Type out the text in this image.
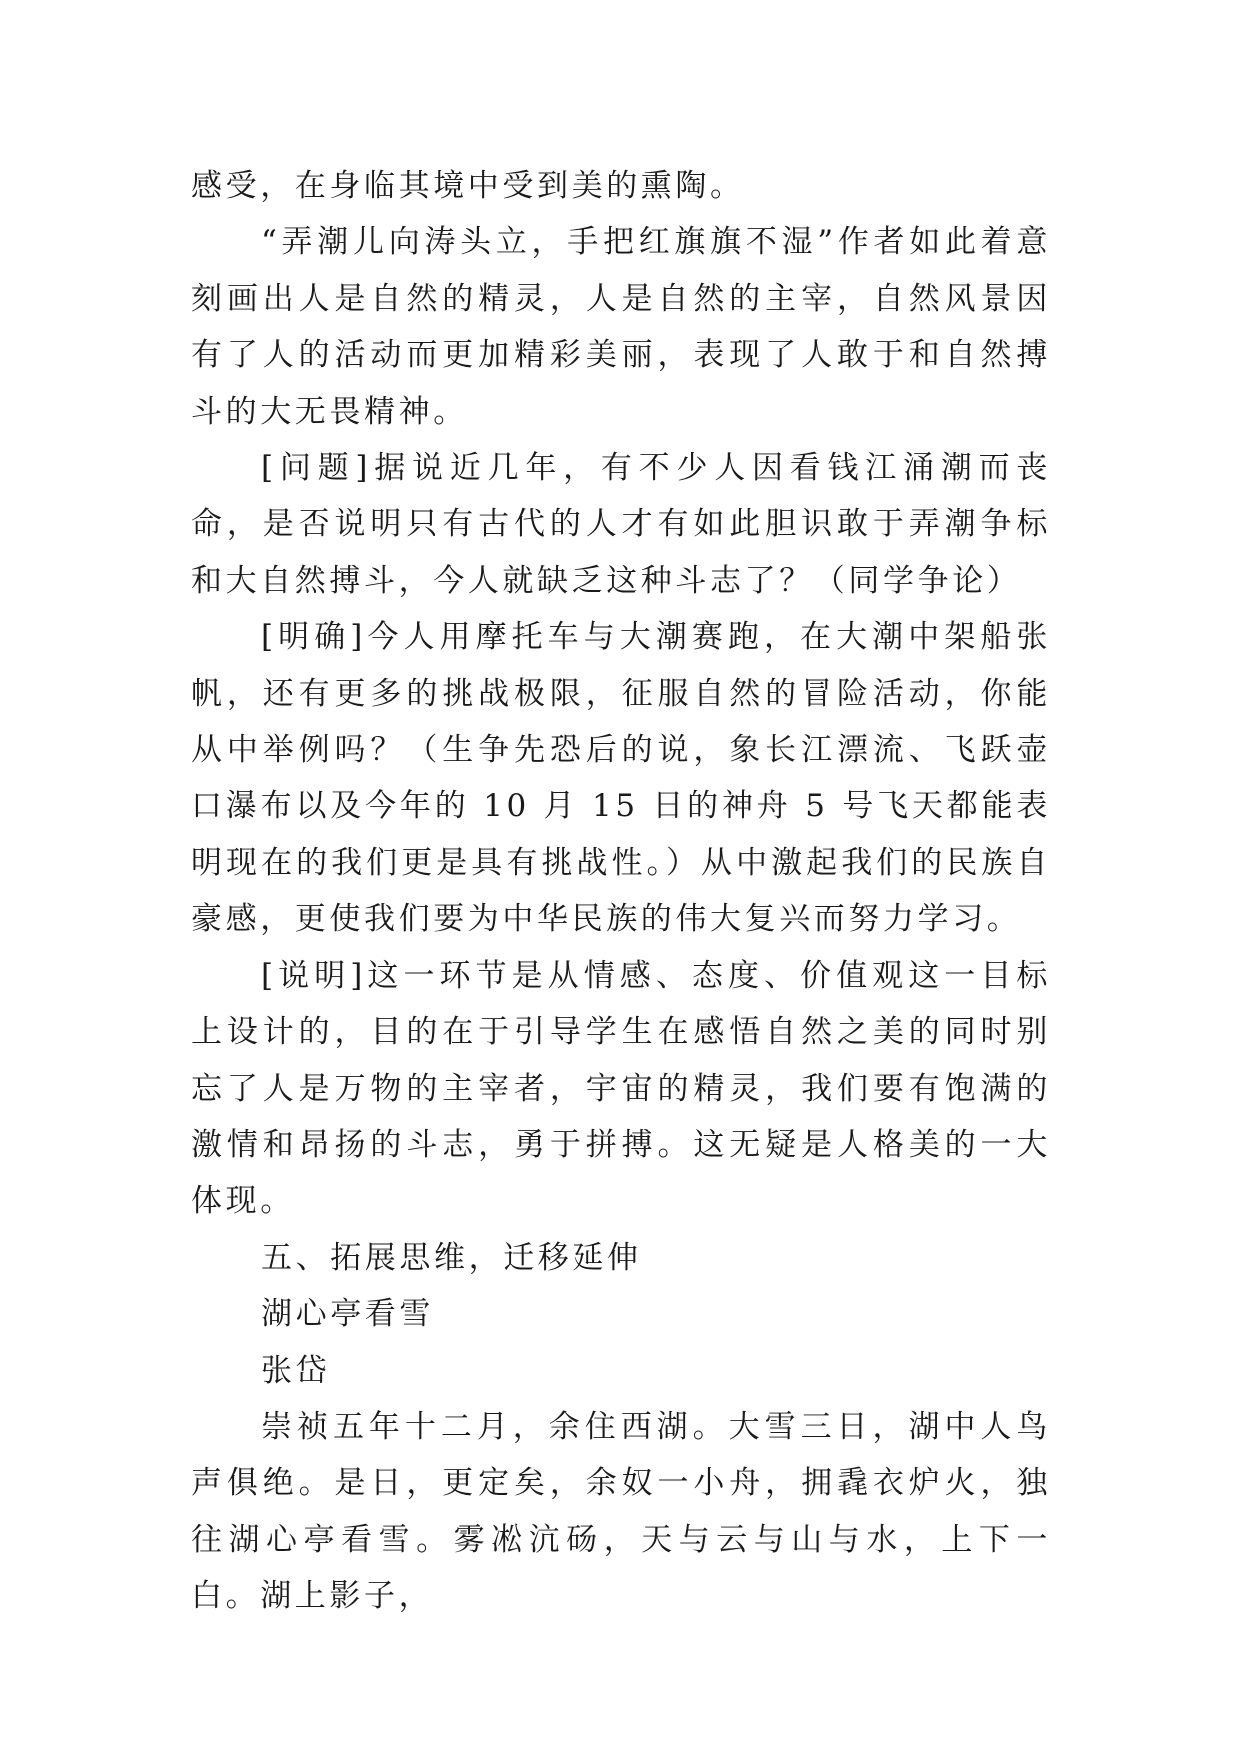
感受，在身临其境中受到美的熏陶。

“弄潮儿向涛头立，手把红旗旗不湿”作者如此着意刻画出人是自然的精灵，人是自然的主宰，自然风景因有了人的活动而更加精彩美丽，表现了人敢于和自然搏斗的大无畏精神。

[问题]据说近几年，有不少人因看钱江涌潮而丧命，是否说明只有古代的人才有如此胆识敢于弄潮争标和大自然搏斗，今人就缺乏这种斗志了？（同学争论）

[明确]今人用摩托车与大潮赛跑，在大潮中架船张帆，还有更多的挑战极限，征服自然的冒险活动，你能从中举例吗？（生争先恐后的说，象长江漂流、飞跃壶口瀑布以及今年的 10 月 15 日的神舟 5 号飞天都能表明现在的我们更是具有挑战性。）从中激起我们的民族自豪感，更使我们要为中华民族的伟大复兴而努力学习。

[说明]这一环节是从情感、态度、价值观这一目标上设计的，目的在于引导学生在感悟自然之美的同时别忘了人是万物的主宰者，宇宙的精灵，我们要有饱满的激情和昂扬的斗志，勇于拼搏。这无疑是人格美的一大体现。

五、拓展思维，迁移延伸

湖心亭看雪

张岱

崇祯五年十二月，余住西湖。大雪三日，湖中人鸟声俱绝。是日，更定矣，余奴一小舟，拥毳衣炉火，独往湖心亭看雪。雾凇沆砀，天与云与山与水，上下一白。湖上影子，
